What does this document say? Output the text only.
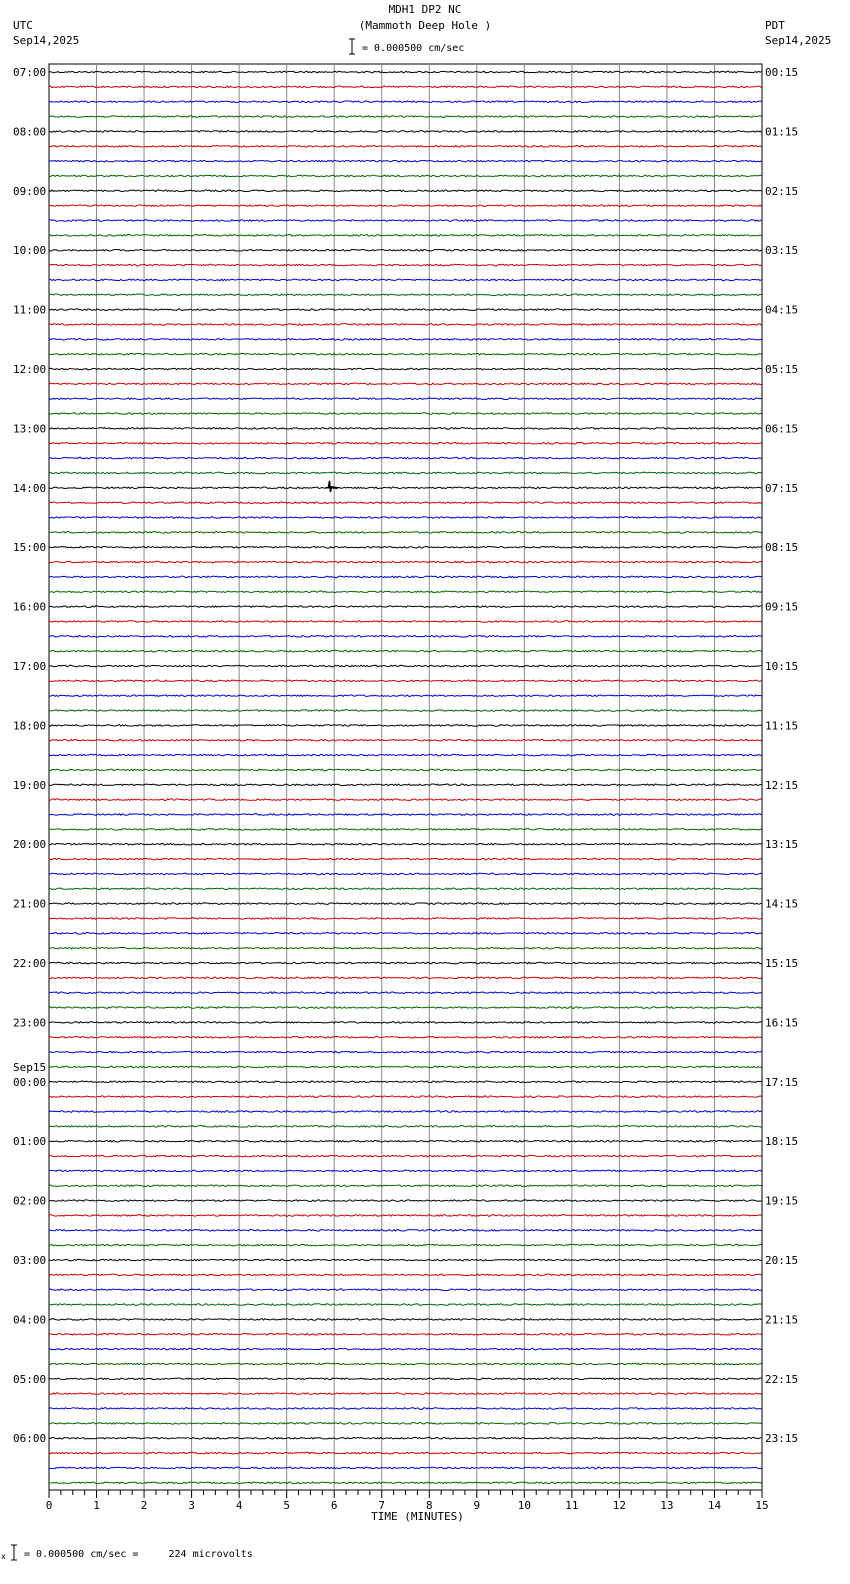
MDH1 DP2 NC
(Mammoth Deep Hole )
UTC
Sep14,2025
PDT
Sep14,2025
= 0.000500 cm/sec
07:00	00:15
08:00	01:15
09:00	02:15
10:00	03:15
11:00	04:15
12:00	05:15
13:00	06:15
14:00	07:15
15:00	08:15
16:00	09:15
17:00	10:15
18:00	11:15
19:00	12:15
20:00	13:15
21:00	14:15
22:00	15:15
23:00	16:15
00:00	17:15
01:00	18:15
02:00	19:15
03:00	20:15
04:00	21:15
05:00	22:15
06:00	23:15
Sep15
0	1	2	3	4	5	6	7	8	9	10	11	12	13	14	15
TIME (MINUTES)
x = 0.000500 cm/sec =     224 microvolts
